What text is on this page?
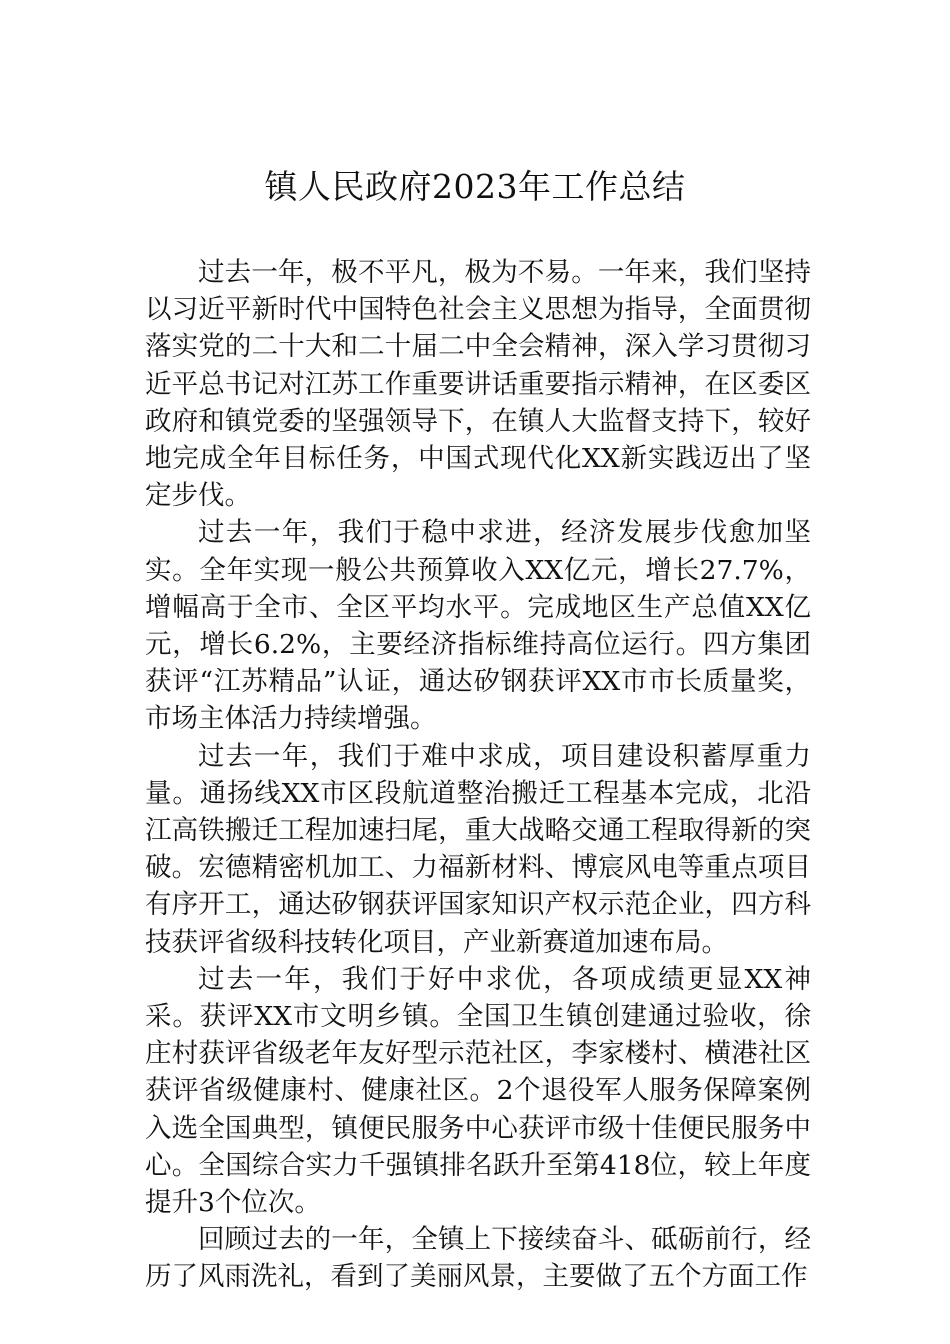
镇人民政府2023年工作总结

过去一年，极不平凡，极为不易。一年来，我们坚持以习近平新时代中国特色社会主义思想为指导，全面贯彻落实党的二十大和二十届二中全会精神，深入学习贯彻习近平总书记对江苏工作重要讲话重要指示精神，在区委区政府和镇党委的坚强领导下，在镇人大监督支持下，较好地完成全年目标任务，中国式现代化XX新实践迈出了坚定步伐。

过去一年，我们于稳中求进，经济发展步伐愈加坚实。全年实现一般公共预算收入XX亿元，增长27.7%，增幅高于全市、全区平均水平。完成地区生产总值XX亿元，增长6.2%，主要经济指标维持高位运行。四方集团获评“江苏精品”认证，通达矽钢获评XX市市长质量奖，市场主体活力持续增强。

过去一年，我们于难中求成，项目建设积蓄厚重力量。通扬线XX市区段航道整治搬迁工程基本完成，北沿江高铁搬迁工程加速扫尾，重大战略交通工程取得新的突破。宏德精密机加工、力福新材料、博宸风电等重点项目有序开工，通达矽钢获评国家知识产权示范企业，四方科技获评省级科技转化项目，产业新赛道加速布局。

过去一年，我们于好中求优，各项成绩更显XX神采。获评XX市文明乡镇。全国卫生镇创建通过验收，徐庄村获评省级老年友好型示范社区，李家楼村、横港社区获评省级健康村、健康社区。2个退役军人服务保障案例入选全国典型，镇便民服务中心获评市级十佳便民服务中心。全国综合实力千强镇排名跃升至第418位，较上年度提升3个位次。

回顾过去的一年，全镇上下接续奋斗、砥砺前行，经历了风雨洗礼，看到了美丽风景，主要做了五个方面工作
